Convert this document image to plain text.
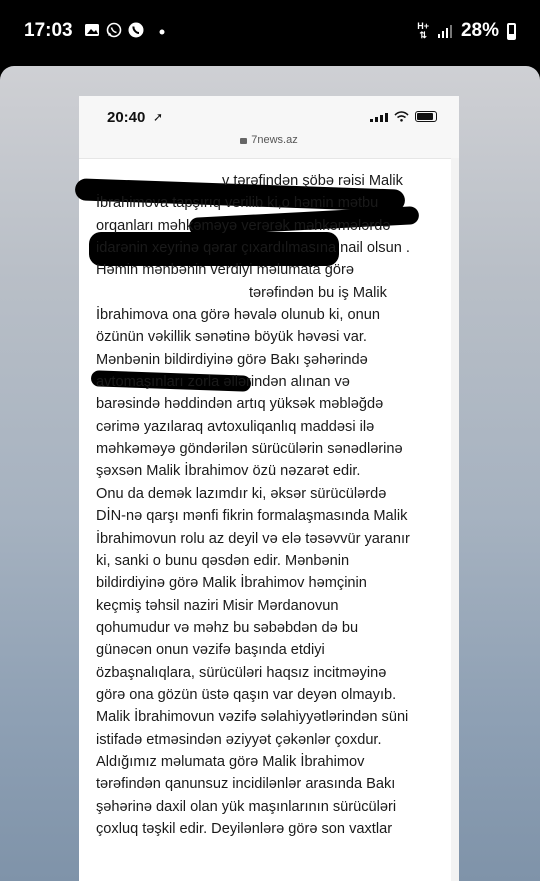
17:03	H+
⇅ 28%
20:40 ➚
7news.az
v tərəfindən şöbə rəisi Malik
İbrahimova tapşırıq verilib ki,o həmin mətbu
orqanları məhkəməyə verərək məhkəmələrdə
idarənin xeyrinə qərar çıxardılmasına nail olsun .
Həmin mənbənin verdiyi məlumata görə
tərəfindən bu iş Malik
İbrahimova ona görə həvalə olunub ki, onun
özünün vəkillik sənətinə böyük həvəsi var.
Mənbənin bildirdiyinə görə Bakı şəhərində
avtomaşınları zorla əllərindən alınan və
barəsində həddindən artıq yüksək məbləğdə
cərimə yazılaraq avtoxuliqanlıq maddəsi ilə
məhkəməyə göndərilən sürücülərin sənədlərinə
şəxsən Malik İbrahimov özü nəzarət edir.
Onu da demək lazımdır ki, əksər sürücülərdə
DİN-nə qarşı mənfi fikrin formalaşmasında Malik
İbrahimovun rolu az deyil və elə təsəvvür yaranır
ki, sanki o bunu qəsdən edir. Mənbənin
bildirdiyinə görə Malik İbrahimov həmçinin
keçmiş təhsil naziri Misir Mərdanovun
qohumudur və məhz bu səbəbdən də bu
günəcən onun vəzifə başında etdiyi
özbaşnalıqlara, sürücüləri haqsız incitməyinə
görə ona gözün üstə qaşın var deyən olmayıb.
Malik İbrahimovun vəzifə səlahiyyətlərindən süni
istifadə etməsindən əziyyət çəkənlər çoxdur.
Aldığımız məlumata görə Malik İbrahimov
tərəfindən qanunsuz incidilənlər arasında Bakı
şəhərinə daxil olan yük maşınlarının sürücüləri
çoxluq təşkil edir. Deyilənlərə görə son vaxtlar
